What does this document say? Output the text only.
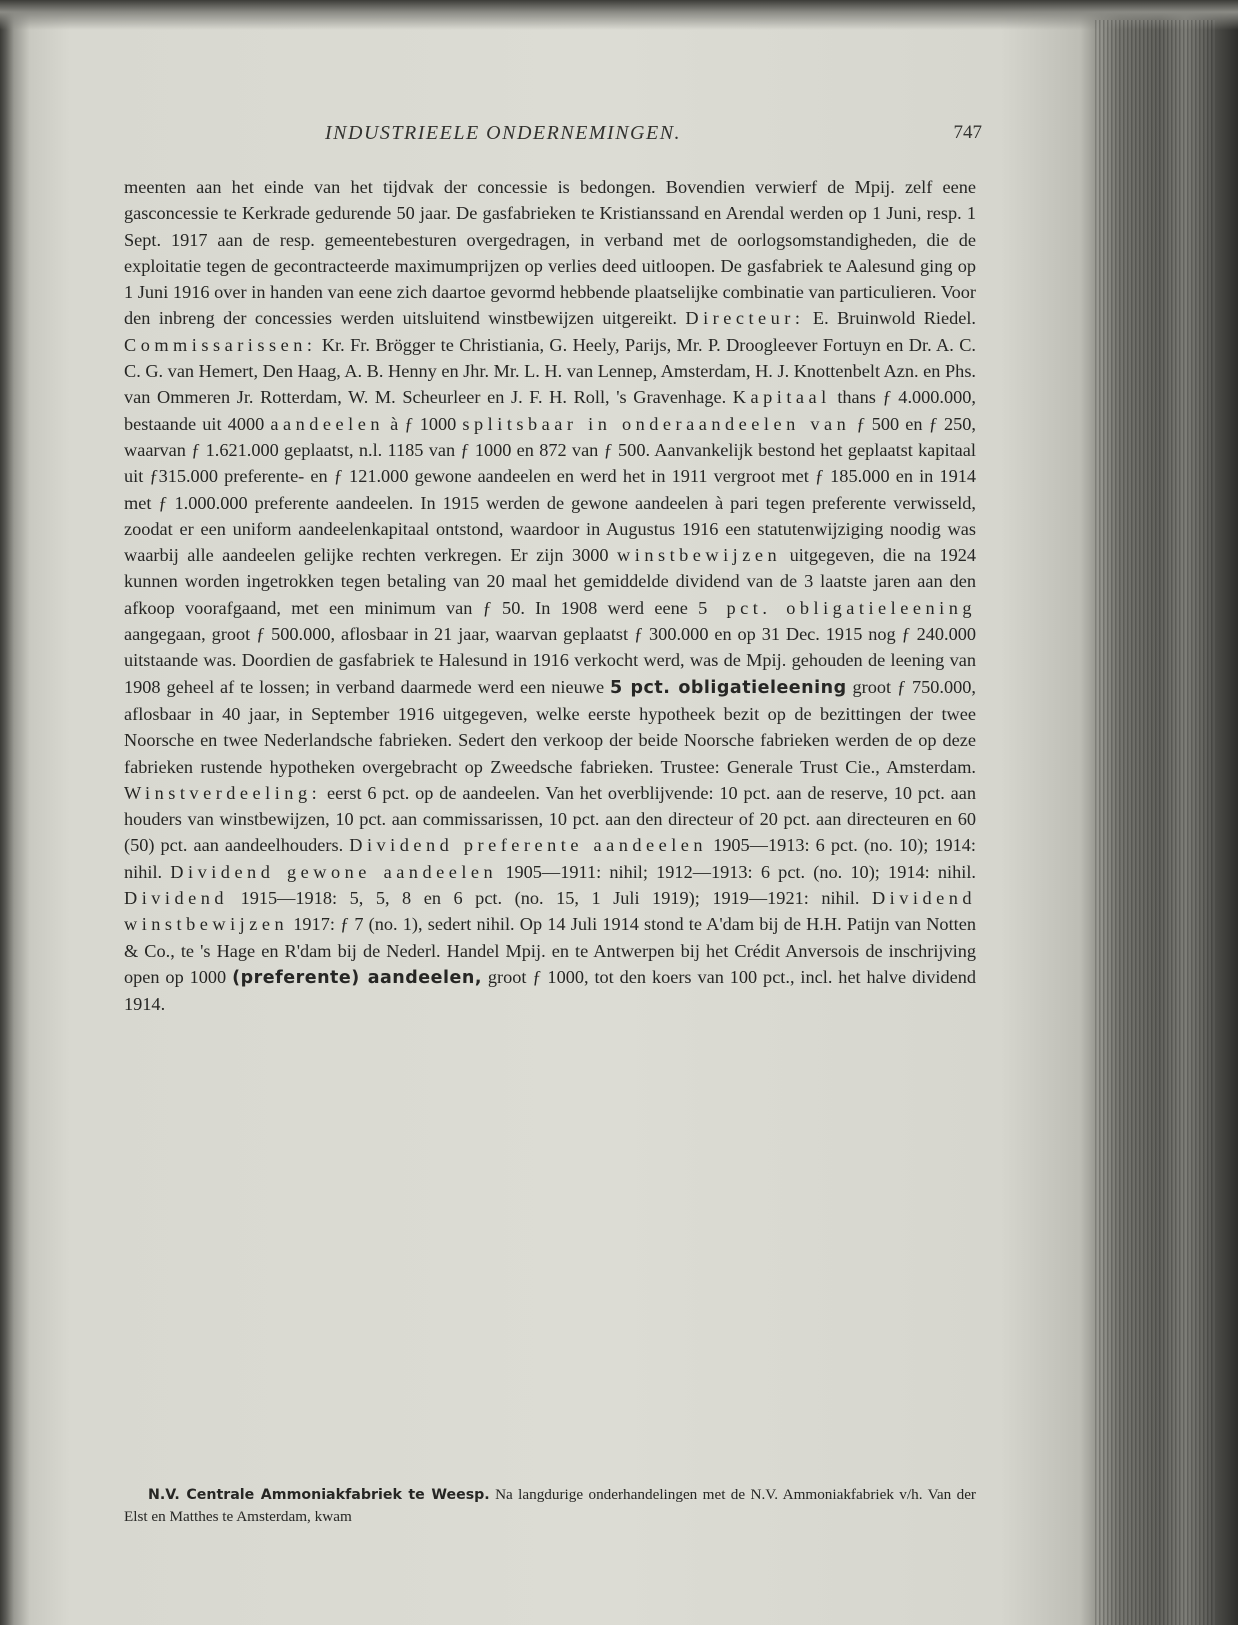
INDUSTRIEELE ONDERNEMINGEN.	747

meenten aan het einde van het tijdvak der concessie is bedongen. Bovendien verwierf de Mpij. zelf eene gasconcessie te Kerkrade gedurende 50 jaar. De gasfabrieken te Kristianssand en Arendal werden op 1 Juni, resp. 1 Sept. 1917 aan de resp. gemeentebesturen overgedragen, in verband met de oorlogsomstandigheden, die de exploitatie tegen de gecontracteerde maximumprijzen op verlies deed uitloopen. De gasfabriek te Aalesund ging op 1 Juni 1916 over in handen van eene zich daartoe gevormd hebbende plaatselijke combinatie van particulieren. Voor den inbreng der concessies werden uitsluitend winstbewijzen uitgereikt. Directeur: E. Bruinwold Riedel. Commissarissen: Kr. Fr. Brögger te Christiania, G. Heely, Parijs, Mr. P. Droogleever Fortuyn en Dr. A. C. C. G. van Hemert, Den Haag, A. B. Henny en Jhr. Mr. L. H. van Lennep, Amsterdam, H. J. Knottenbelt Azn. en Phs. van Ommeren Jr. Rotterdam, W. M. Scheurleer en J. F. H. Roll, 's Gravenhage. Kapitaal thans ƒ 4.000.000, bestaande uit 4000 aandeelen à ƒ 1000 splitsbaar in onderaandeelen van ƒ 500 en ƒ 250, waarvan ƒ 1.621.000 geplaatst, n.l. 1185 van ƒ 1000 en 872 van ƒ 500. Aanvankelijk bestond het geplaatst kapitaal uit ƒ315.000 preferente- en ƒ 121.000 gewone aandeelen en werd het in 1911 vergroot met ƒ 185.000 en in 1914 met ƒ 1.000.000 preferente aandeelen. In 1915 werden de gewone aandeelen à pari tegen preferente verwisseld, zoodat er een uniform aandeelenkapitaal ontstond, waardoor in Augustus 1916 een statutenwijziging noodig was waarbij alle aandeelen gelijke rechten verkregen. Er zijn 3000 winstbewijzen uitgegeven, die na 1924 kunnen worden ingetrokken tegen betaling van 20 maal het gemiddelde dividend van de 3 laatste jaren aan den afkoop voorafgaand, met een minimum van ƒ 50. In 1908 werd eene 5 pct. obligatieleening aangegaan, groot ƒ 500.000, aflosbaar in 21 jaar, waarvan geplaatst ƒ 300.000 en op 31 Dec. 1915 nog ƒ 240.000 uitstaande was. Doordien de gasfabriek te Halesund in 1916 verkocht werd, was de Mpij. gehouden de leening van 1908 geheel af te lossen; in verband daarmede werd een nieuwe 5 pct. obligatieleening groot ƒ 750.000, aflosbaar in 40 jaar, in September 1916 uitgegeven, welke eerste hypotheek bezit op de bezittingen der twee Noorsche en twee Nederlandsche fabrieken. Sedert den verkoop der beide Noorsche fabrieken werden de op deze fabrieken rustende hypotheken overgebracht op Zweedsche fabrieken. Trustee: Generale Trust Cie., Amsterdam. Winstverdeeling: eerst 6 pct. op de aandeelen. Van het overblijvende: 10 pct. aan de reserve, 10 pct. aan houders van winstbewijzen, 10 pct. aan commissarissen, 10 pct. aan den directeur of 20 pct. aan directeuren en 60 (50) pct. aan aandeelhouders. Dividend preferente aandeelen 1905—1913: 6 pct. (no. 10); 1914: nihil. Dividend gewone aandeelen 1905—1911: nihil; 1912—1913: 6 pct. (no. 10); 1914: nihil. Dividend 1915—1918: 5, 5, 8 en 6 pct. (no. 15, 1 Juli 1919); 1919—1921: nihil. Dividend winstbewijzen 1917: ƒ 7 (no. 1), sedert nihil. Op 14 Juli 1914 stond te A'dam bij de H.H. Patijn van Notten & Co., te 's Hage en R'dam bij de Nederl. Handel Mpij. en te Antwerpen bij het Crédit Anversois de inschrijving open op 1000 (preferente) aandeelen, groot ƒ 1000, tot den koers van 100 pct., incl. het halve dividend 1914.

N.V. Centrale Ammoniakfabriek te Weesp. Na langdurige onderhandelingen met de N.V. Ammoniakfabriek v/h. Van der Elst en Matthes te Amsterdam, kwam
